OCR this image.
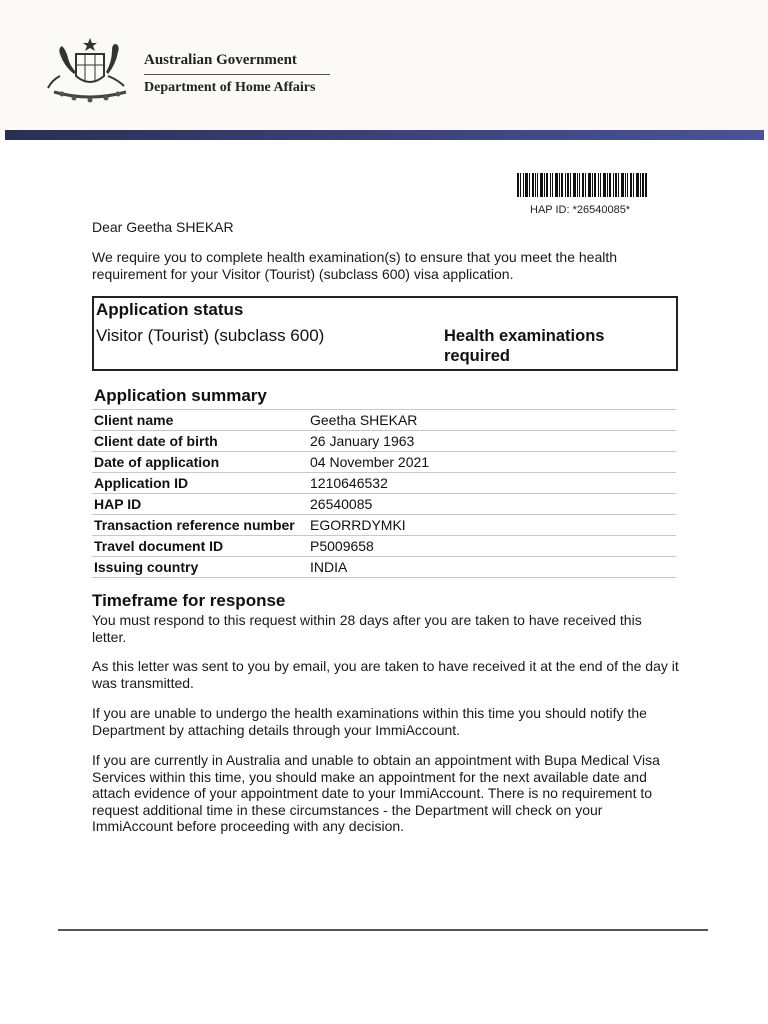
Australian Government
Department of Home Affairs
HAP ID: *26540085*
Dear Geetha SHEKAR
We require you to complete health examination(s) to ensure that you meet the health requirement for your Visitor (Tourist) (subclass 600) visa application.
Application status
Visitor (Tourist) (subclass 600)	Health examinations required
Application summary
Client name	Geetha SHEKAR
Client date of birth	26 January 1963
Date of application	04 November 2021
Application ID	1210646532
HAP ID	26540085
Transaction reference number	EGORRDYMKI
Travel document ID	P5009658
Issuing country	INDIA
Timeframe for response
You must respond to this request within 28 days after you are taken to have received this letter.
As this letter was sent to you by email, you are taken to have received it at the end of the day it was transmitted.
If you are unable to undergo the health examinations within this time you should notify the Department by attaching details through your ImmiAccount.
If you are currently in Australia and unable to obtain an appointment with Bupa Medical Visa Services within this time, you should make an appointment for the next available date and attach evidence of your appointment date to your ImmiAccount. There is no requirement to request additional time in these circumstances - the Department will check on your ImmiAccount before proceeding with any decision.
